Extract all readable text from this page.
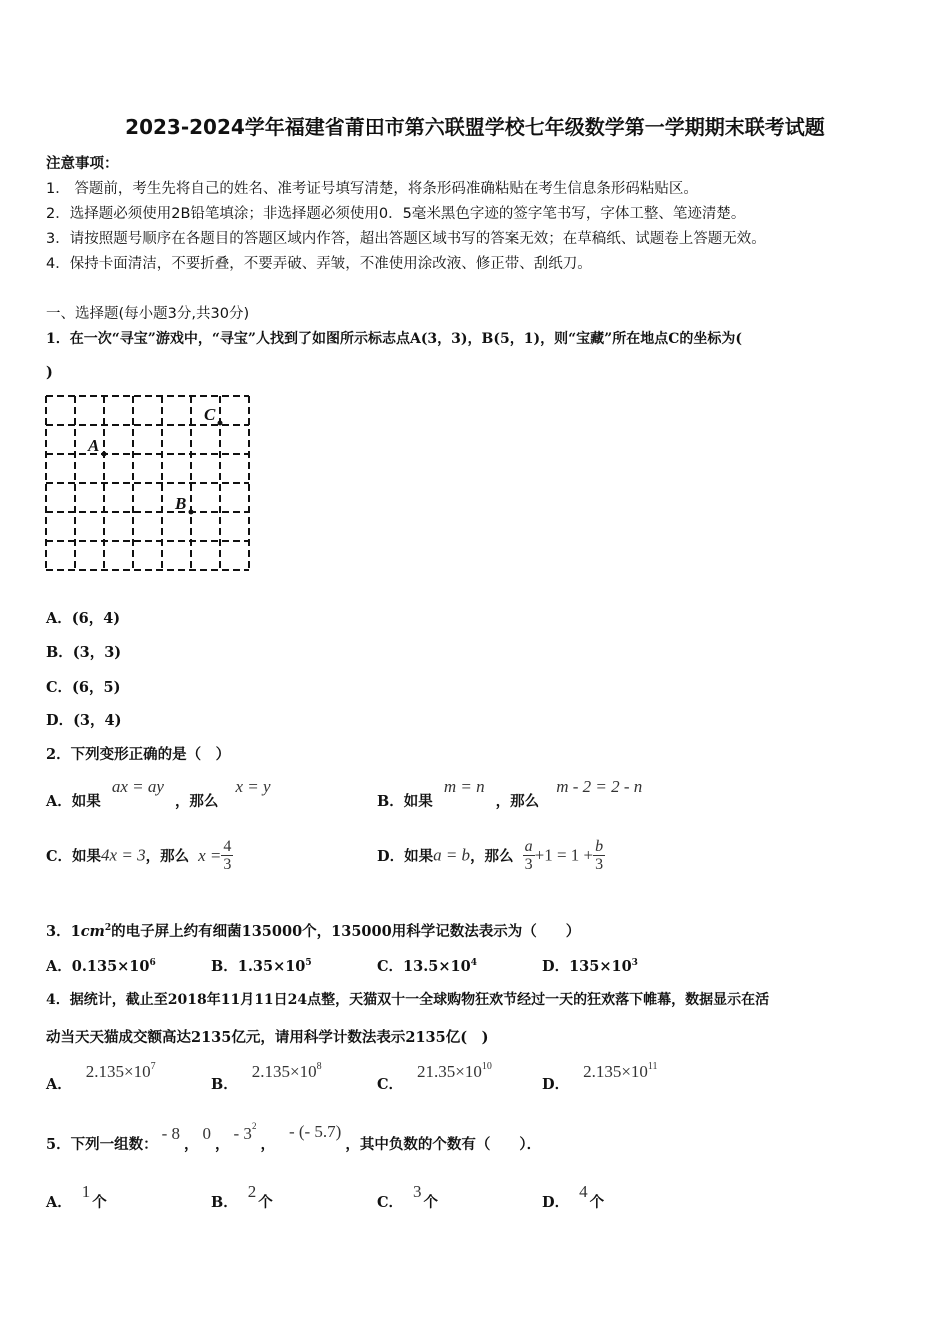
2023-2024学年福建省莆田市第六联盟学校七年级数学第一学期期末联考试题
注意事项：
1． 答题前，考生先将自己的姓名、准考证号填写清楚，将条形码准确粘贴在考生信息条形码粘贴区。
2．选择题必须使用2B铅笔填涂；非选择题必须使用0．5毫米黑色字迹的签字笔书写，字体工整、笔迹清楚。
3．请按照题号顺序在各题目的答题区域内作答，超出答题区域书写的答案无效；在草稿纸、试题卷上答题无效。
4．保持卡面清洁，不要折叠，不要弄破、弄皱，不准使用涂改液、修正带、刮纸刀。
一、选择题(每小题3分,共30分)
1．在一次“寻宝”游戏中，“寻宝”人找到了如图所示标志点A(3，3)，B(5，1)，则“宝藏”所在地点C的坐标为(
)
C
A
B
A．(6，4)
B．(3，3)
C．(6，5)
D．(3，4)
2．下列变形正确的是（　）
A．如果 ax = ay ，那么 x = y
B．如果 m = n ，那么 m - 2 = 2 - n
C．如果4x = 3，那么 $x = \frac{4}{3}$	D．如果a = b，那么 $\frac{a}{3} +1 = 1 + \frac{b}{3}$
3．$1cm^2$的电子屏上约有细菌135000个，135000用科学记数法表示为（　　）
A．$0.135\times 10^6$	B．$1.35\times 10^5$	C．$13.5\times 10^4$	D．$135\times 10^3$
4．据统计，截止至2018年11月11日24点整，天猫双十一全球购物狂欢节经过一天的狂欢落下帷幕，数据显示在活
动当天天猫成交额高达2135亿元，请用科学计数法表示2135亿(　)
A．$2.135\times 10^7$
B．$2.135\times 10^8$
C．$21.35\times 10^{10}$
D．$2.135\times 10^{11}$
5．下列一组数：- 8，0，- $3^2$，- (- 5.7)，其中负数的个数有（　　）．
A．1个	B．2个	C．3个	D．4个
